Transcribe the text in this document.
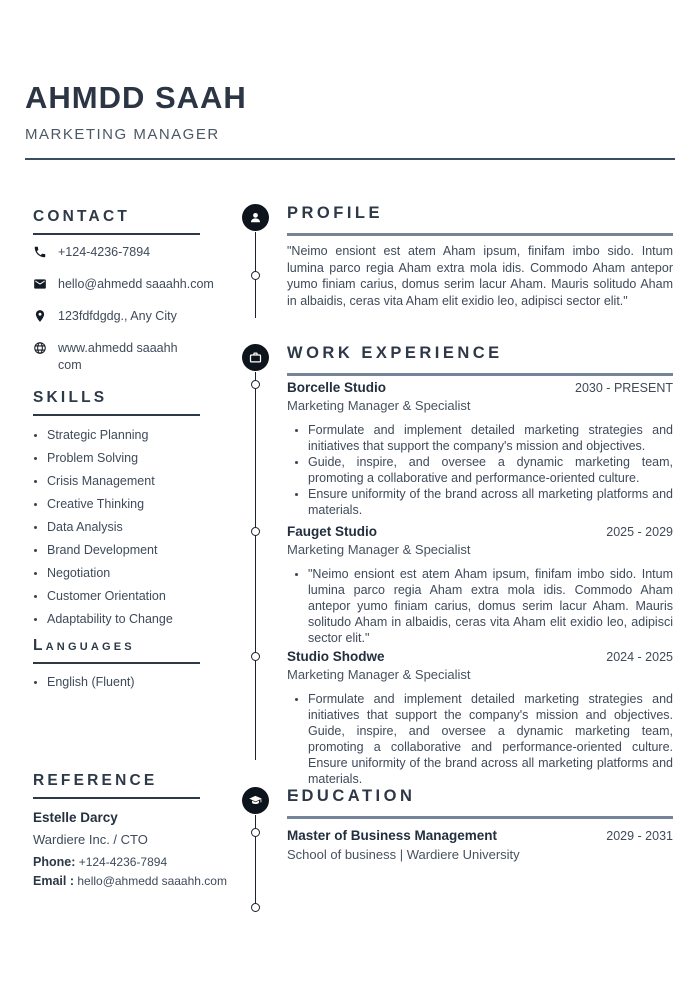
AHMDD SAAH
MARKETING MANAGER
CONTACT
+124-4236-7894
hello@ahmedd saaahh.com
123fdfdgdg., Any City
www.ahmedd saaahh com
SKILLS
• Strategic Planning
• Problem Solving
• Crisis Management
• Creative Thinking
• Data Analysis
• Brand Development
• Negotiation
• Customer Orientation
• Adaptability to Change
Languages
• English (Fluent)
REFERENCE
Estelle Darcy
Wardiere Inc. / CTO
Phone: +124-4236-7894
Email : hello@ahmedd saaahh.com
PROFILE
"Neimo ensiont est atem Aham ipsum, finifam imbo sido. Intum lumina parco regia Aham extra mola idis. Commodo Aham antepor yumo finiam carius, domus serim lacur Aham. Mauris solitudo Aham in albaidis, ceras vita Aham elit exidio leo, adipisci sector elit."
WORK EXPERIENCE
Borcelle Studio	2030 - PRESENT
Marketing Manager & Specialist
• Formulate and implement detailed marketing strategies and initiatives that support the company's mission and objectives.
• Guide, inspire, and oversee a dynamic marketing team, promoting a collaborative and performance-oriented culture.
• Ensure uniformity of the brand across all marketing platforms and materials.
Fauget Studio	2025 - 2029
Marketing Manager & Specialist
• "Neimo ensiont est atem Aham ipsum, finifam imbo sido. Intum lumina parco regia Aham extra mola idis. Commodo Aham antepor yumo finiam carius, domus serim lacur Aham. Mauris solitudo Aham in albaidis, ceras vita Aham elit exidio leo, adipisci sector elit."
Studio Shodwe	2024 - 2025
Marketing Manager & Specialist
• Formulate and implement detailed marketing strategies and initiatives that support the company's mission and objectives. Guide, inspire, and oversee a dynamic marketing team, promoting a collaborative and performance-oriented culture. Ensure uniformity of the brand across all marketing platforms and materials.
•
EDUCATION
Master of Business Management	2029 - 2031
School of business | Wardiere University
